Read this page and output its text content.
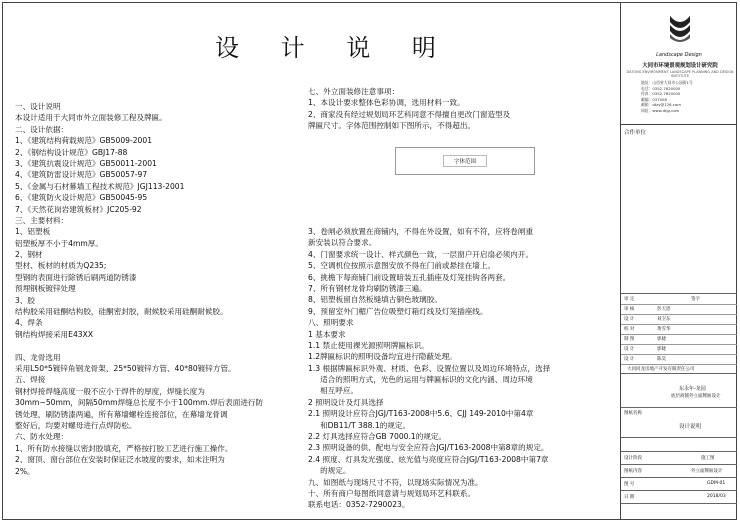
设 计 说 明
一、设计说明
本设计适用于大同市外立面装修工程及牌匾。
二、设计依据：
1、《建筑结构荷载规范》GB5009-2001
2、《钢结构设计规范》GBJ17-88
3、《建筑抗震设计规范》GB50011-2001
4、《建筑防雷设计规范》GB50057-97
5、《金属与石材幕墙工程技术规范》JGJ113-2001
6、《建筑防火设计规范》GB50045-95
7、《天然花岗岩建筑板材》JC205-92
三、主要材料：
1、铝塑板
铝塑板厚不小于4mm厚。
2、钢材
型材、板材的材质为Q235;
型钢的表面进行除锈后刷两道防锈漆
预埋钢板镀锌处理
3、胶
结构胶采用硅酮结构胶，硅酮密封胶，耐候胶采用硅酮耐候胶。
4、焊条
钢结构焊接采用E43XX
四、龙骨选用
采用L50*5镀锌角钢龙骨架、25*50镀锌方管、40*80镀锌方管。
五、焊接
钢材焊接焊缝高度一般不应小于焊件的厚度，焊缝长度为
30mm~50mm，间隔50mm焊缝总长度不小于100mm.焊后表面进行防
锈处理，刷防锈漆两遍，所有幕墙螺栓连接部位，在幕墙龙骨调
整好后，均要对螺母进行点焊防松。
六、防水处理：
1、所有防水接缝以密封胶填充，严格按打胶工艺进行施工操作。
2、窗顶、窗台部位在安装时保证泛水坡度的要求，如未注明为
2%。
七、外立面装修注意事项：
1、本设计要求整体色彩协调，选用材料一致。
2、商家没有经过规划局环艺科同意不得擅自更改门窗造型及
牌匾尺寸。字体范围控制如下图所示，不得超出。
字体范围
3、卷闸必须放置在商铺内，不得在外设置，如有不符，应将卷闸重
新安装以符合要求。
4、门窗要求统一设计、样式颜色一致，一层窗户开启扇必须内开。
5、空调机位按照示意图安放不得在门前或悬挂在墙上。
6、挑檐下每商铺门前设置暗装五孔插座及灯笼挂钩各两套。
7、所有钢材龙骨均刷防锈漆三遍。
8、铝塑板留自然板缝填古铜色玻璃胶。
9、预留室外门楣广告位吸塑灯箱灯线及灯笼插座线。
八、照明要求
1 基本要求
1.1 禁止使用裸光源照明牌匾标识。
1.2牌匾标识的照明设备均宜进行隐蔽处理。
1.3 根据牌匾标识外观、材质、色彩、设置位置以及周边环境特点，选择
适合的照明方式，光色的运用与牌匾标识的文化内涵、周边环境
相互呼应。
2 照明设计及灯具选择
2.1 照明设计应符合JGJ/T163-2008中5.6、CJJ 149-2010中第4章
和DB11/T 388.1的规定。
2.2 灯具选择应符合GB 7000.1的规定。
2.3 照明设备的供、配电与安全应符合JGJ/T163-2008中第8章的规定。
2.4 照度、灯具发光强度、炫光值与亮度应符合JGJ/T163-2008中第7章
的规定。
九、如图纸与现场尺寸不符，以现场实际情况为准。
十、所有商户每图纸同意请与规划局环艺科联系。
联系电话：0352-7290023。
Landscape Design
大同市环境景观规划设计研究院
DATONG ENVIRONMENT LANDSCAPE PLANNING AND DESIGN INSTITUTE
地址：山西省大同市公园街1号
电话：0352-7620000
传真：0352-7620000
邮编：037008
邮箱：dtzy@126.com
网址：www.dtjg.com
合作单位
审 定	签字
审 核	彭天恩
设 计	刘卫东
校 对	黄雪华
制 图	郭婕
设 计	郭婕
设 计	陈昊
大同同龙房地产开发有限责任公司
东永年-龙园
底层商铺外立面牌匾设计
图纸名称
设计说明
设计阶段	施工图
图纸内容	外立面牌匾设计
图 号	GDM-01
日 期	2018/03
